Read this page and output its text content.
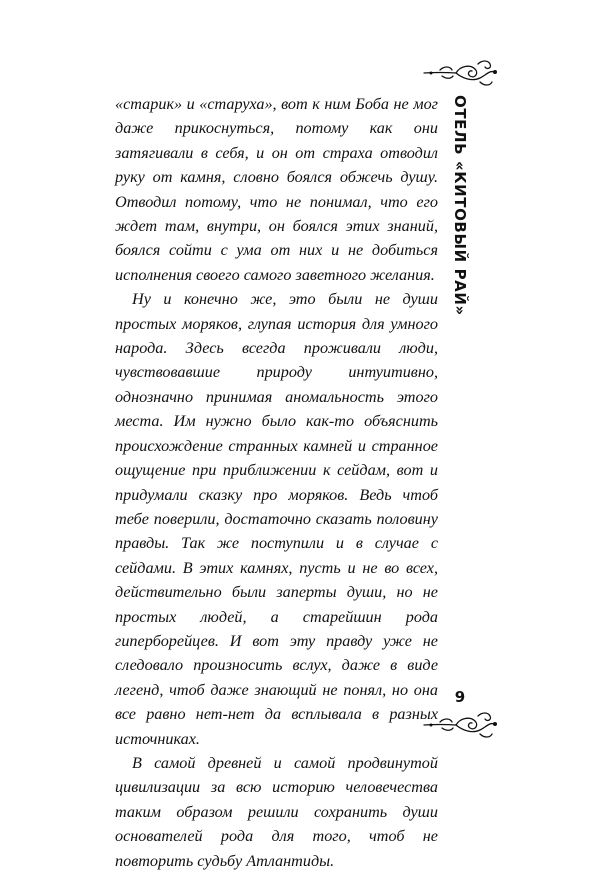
ОТЕЛЬ «КИТОВЫЙ РАЙ»

«старик» и «старуха», вот к ним Боба не мог даже прикоснуться, потому как они затягивали в себя, и он от страха отводил руку от камня, словно боялся обжечь душу. Отводил потому, что не понимал, что его ждет там, внутри, он боялся этих знаний, боялся сойти с ума от них и не добиться исполнения своего самого заветного желания.

Ну и конечно же, это были не души простых моряков, глупая история для умного народа. Здесь всегда проживали люди, чувствовавшие природу интуитивно, однозначно принимая аномальность этого места. Им нужно было как-то объяснить происхождение странных камней и странное ощущение при приближении к сейдам, вот и придумали сказку про моряков. Ведь чтоб тебе поверили, достаточно сказать половину правды. Так же поступили и в случае с сейдами. В этих камнях, пусть и не во всех, действительно были заперты души, но не простых людей, а старейшин рода гиперборейцев. И вот эту правду уже не следовало произносить вслух, даже в виде легенд, чтоб даже знающий не понял, но она все равно нет-нет да всплывала в разных источниках.

В самой древней и самой продвинутой цивилизации за всю историю человечества таким образом решили сохранить души основателей рода для того, чтоб не повторить судьбу Атлантиды.

9
